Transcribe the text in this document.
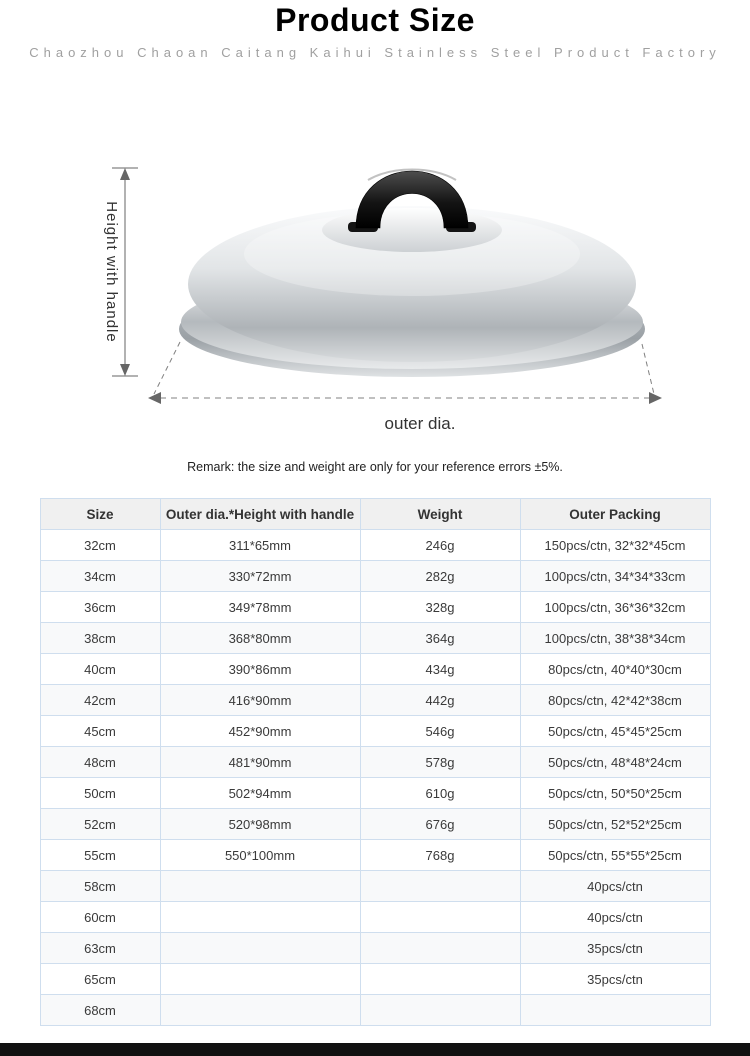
Product Size

Chaozhou Chaoan Caitang Kaihui Stainless Steel Product Factory

Height with handle
outer dia.

Remark: the size and weight are only for your reference errors ±5%.

Size	Outer dia.*Height with handle	Weight	Outer Packing
32cm	311*65mm	246g	150pcs/ctn, 32*32*45cm
34cm	330*72mm	282g	100pcs/ctn, 34*34*33cm
36cm	349*78mm	328g	100pcs/ctn, 36*36*32cm
38cm	368*80mm	364g	100pcs/ctn, 38*38*34cm
40cm	390*86mm	434g	80pcs/ctn, 40*40*30cm
42cm	416*90mm	442g	80pcs/ctn, 42*42*38cm
45cm	452*90mm	546g	50pcs/ctn, 45*45*25cm
48cm	481*90mm	578g	50pcs/ctn, 48*48*24cm
50cm	502*94mm	610g	50pcs/ctn, 50*50*25cm
52cm	520*98mm	676g	50pcs/ctn, 52*52*25cm
55cm	550*100mm	768g	50pcs/ctn, 55*55*25cm
58cm			40pcs/ctn
60cm			40pcs/ctn
63cm			35pcs/ctn
65cm			35pcs/ctn
68cm			
